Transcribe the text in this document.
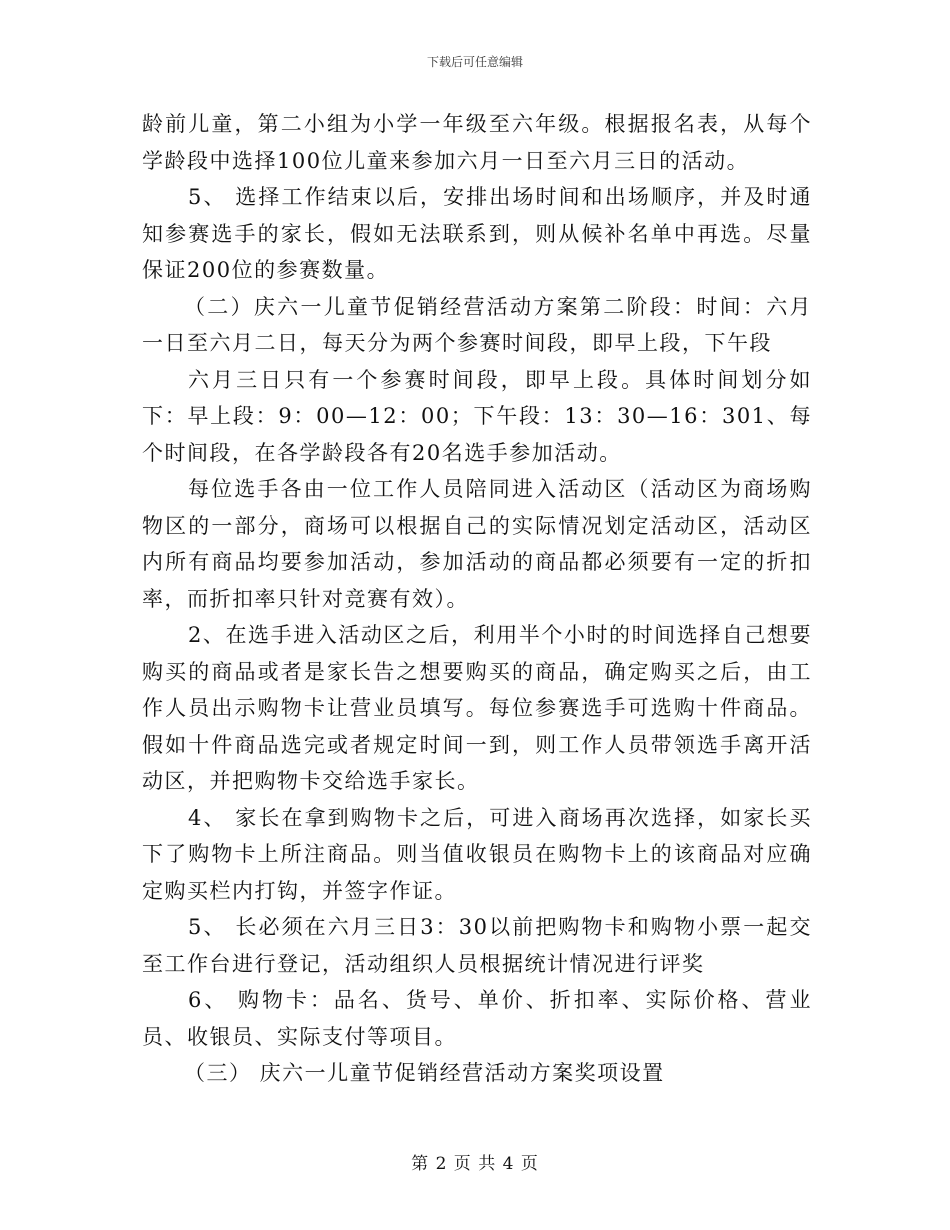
下载后可任意编辑

龄前儿童，第二小组为小学一年级至六年级。根据报名表，从每个学龄段中选择100位儿童来参加六月一日至六月三日的活动。

5、 选择工作结束以后，安排出场时间和出场顺序，并及时通知参赛选手的家长，假如无法联系到，则从候补名单中再选。尽量保证200位的参赛数量。

（二）庆六一儿童节促销经营活动方案第二阶段：时间：六月一日至六月二日，每天分为两个参赛时间段，即早上段，下午段

六月三日只有一个参赛时间段，即早上段。具体时间划分如下：早上段：9：00—12：00；下午段：13：30—16：301、每个时间段，在各学龄段各有20名选手参加活动。

每位选手各由一位工作人员陪同进入活动区（活动区为商场购物区的一部分，商场可以根据自己的实际情况划定活动区，活动区内所有商品均要参加活动，参加活动的商品都必须要有一定的折扣率，而折扣率只针对竞赛有效）。

2、在选手进入活动区之后，利用半个小时的时间选择自己想要购买的商品或者是家长告之想要购买的商品，确定购买之后，由工作人员出示购物卡让营业员填写。每位参赛选手可选购十件商品。假如十件商品选完或者规定时间一到，则工作人员带领选手离开活动区，并把购物卡交给选手家长。

4、 家长在拿到购物卡之后，可进入商场再次选择，如家长买下了购物卡上所注商品。则当值收银员在购物卡上的该商品对应确定购买栏内打钩，并签字作证。

5、 长必须在六月三日3：30以前把购物卡和购物小票一起交至工作台进行登记，活动组织人员根据统计情况进行评奖

6、 购物卡：品名、货号、单价、折扣率、实际价格、营业员、收银员、实际支付等项目。

（三） 庆六一儿童节促销经营活动方案奖项设置

第 2 页 共 4 页
